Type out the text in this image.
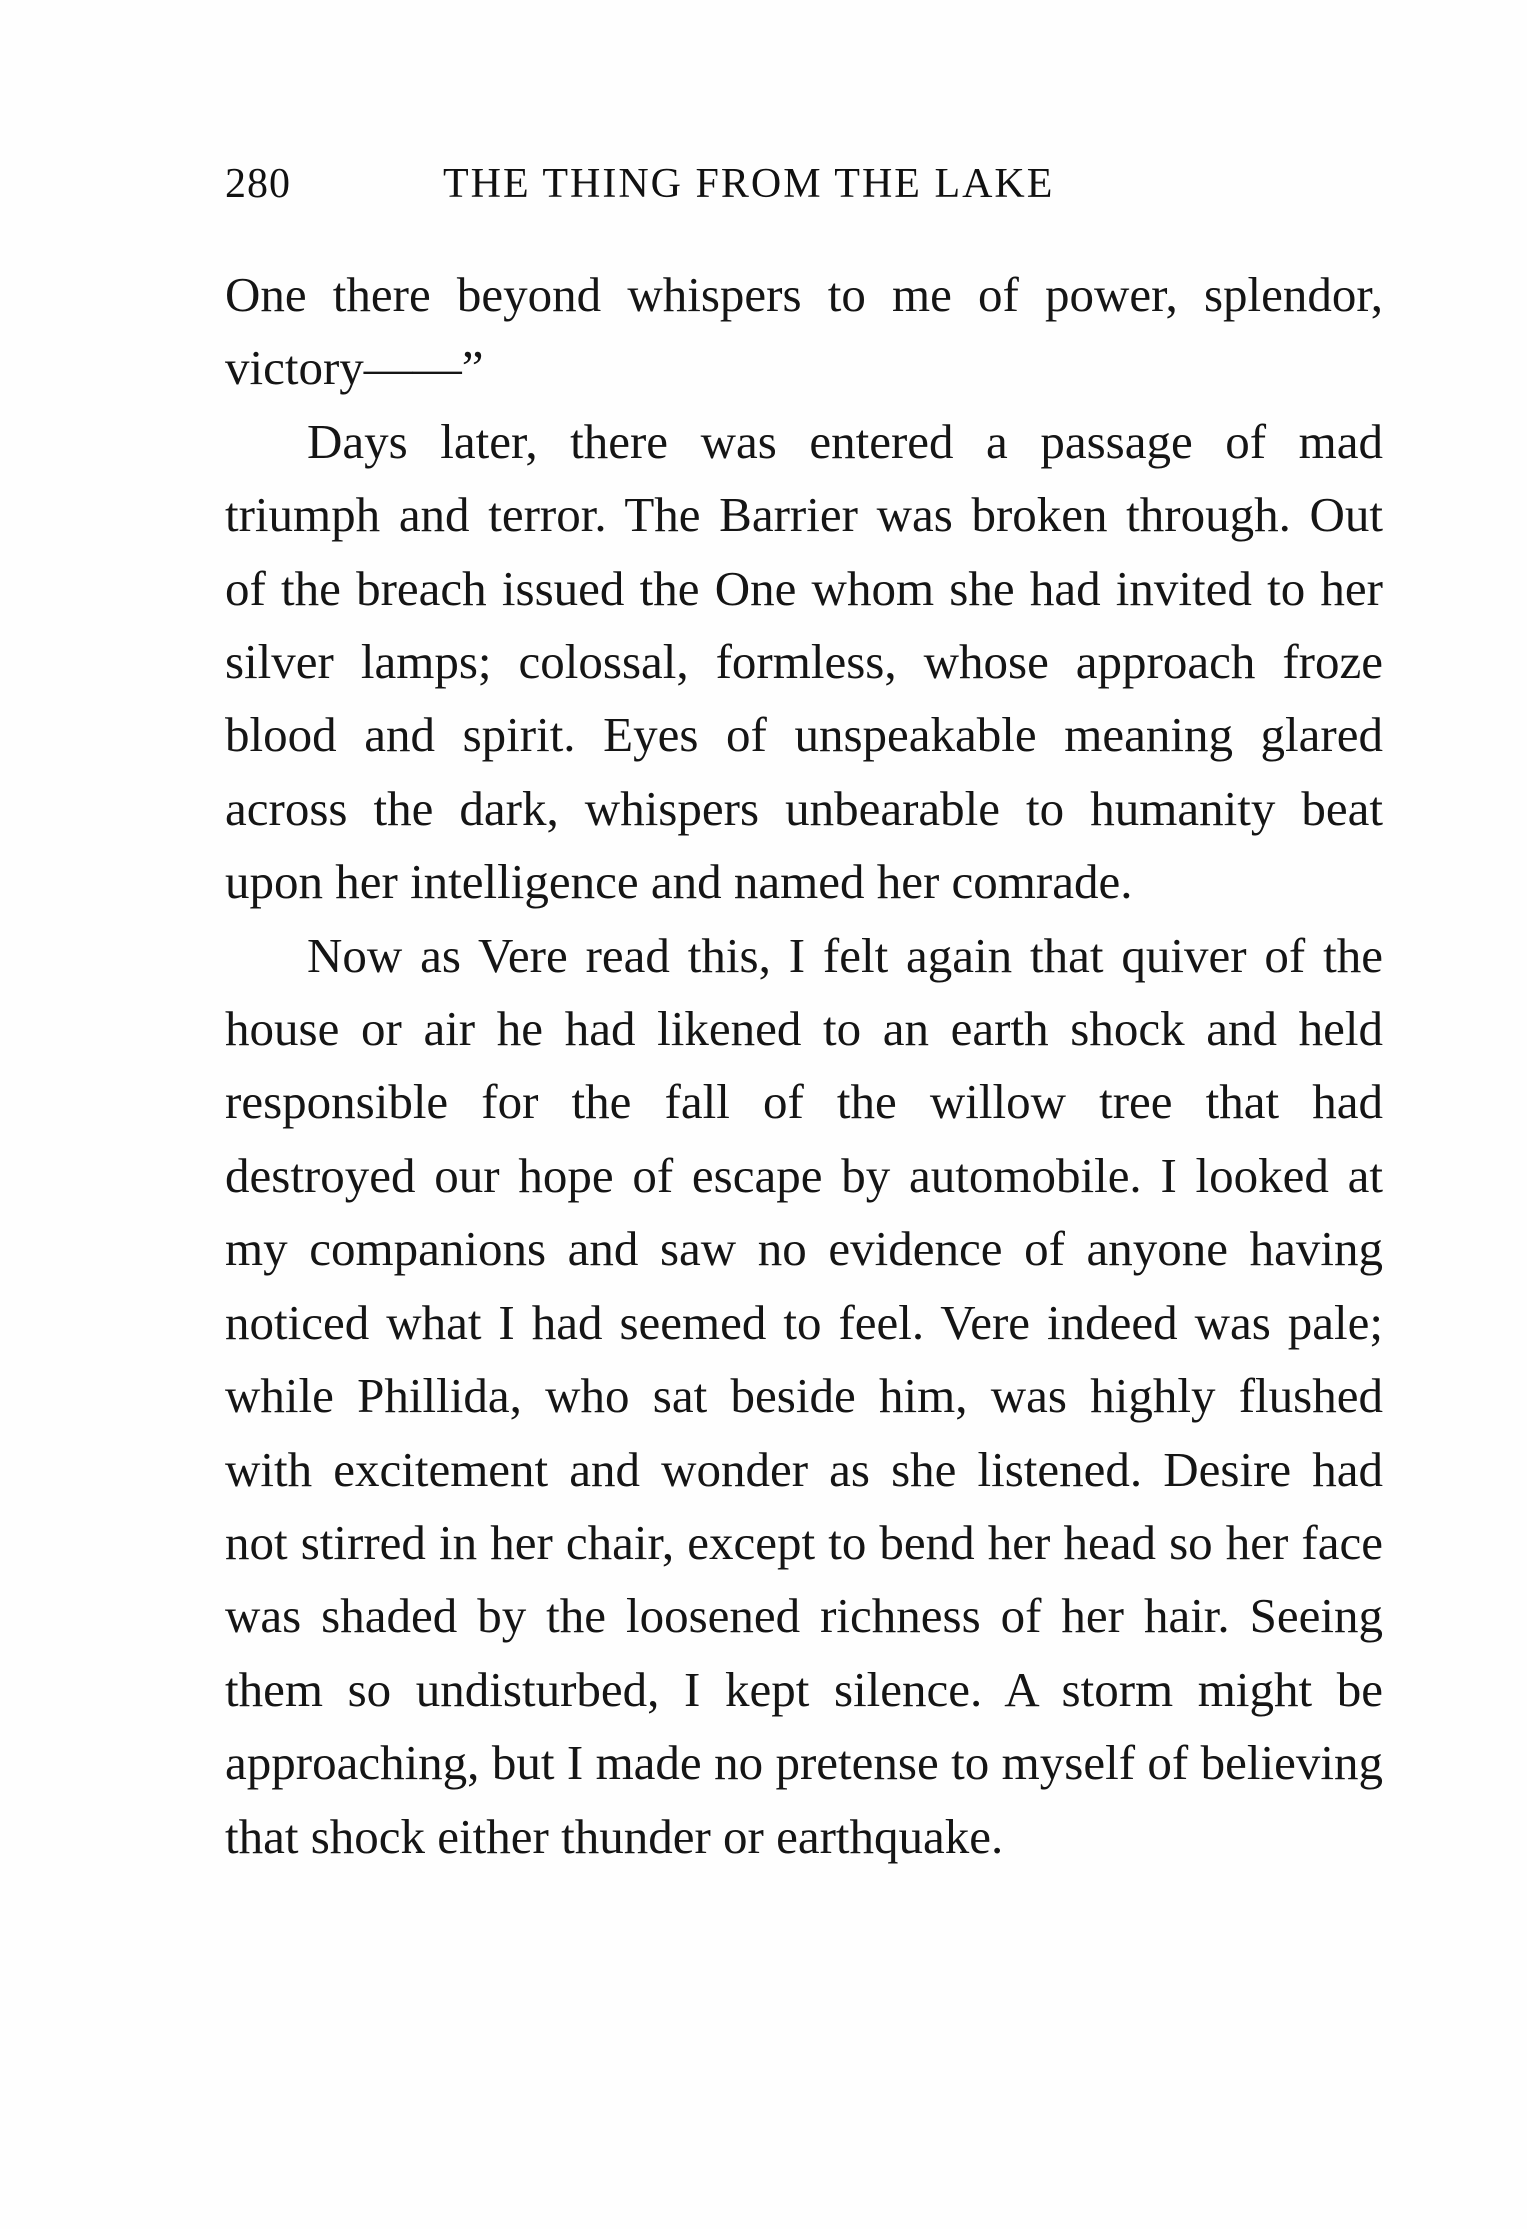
280	THE THING FROM THE LAKE

One there beyond whispers to me of power, splendor, victory——”

Days later, there was entered a passage of mad triumph and terror. The Barrier was broken through. Out of the breach issued the One whom she had invited to her silver lamps; colossal, formless, whose approach froze blood and spirit. Eyes of unspeakable meaning glared across the dark, whispers unbearable to humanity beat upon her intelligence and named her comrade.

Now as Vere read this, I felt again that quiver of the house or air he had likened to an earth shock and held responsible for the fall of the willow tree that had destroyed our hope of escape by automobile. I looked at my companions and saw no evidence of anyone having noticed what I had seemed to feel. Vere indeed was pale; while Phillida, who sat beside him, was highly flushed with excitement and wonder as she listened. Desire had not stirred in her chair, except to bend her head so her face was shaded by the loosened richness of her hair. Seeing them so undisturbed, I kept silence. A storm might be approaching, but I made no pretense to myself of believing that shock either thunder or earthquake.
